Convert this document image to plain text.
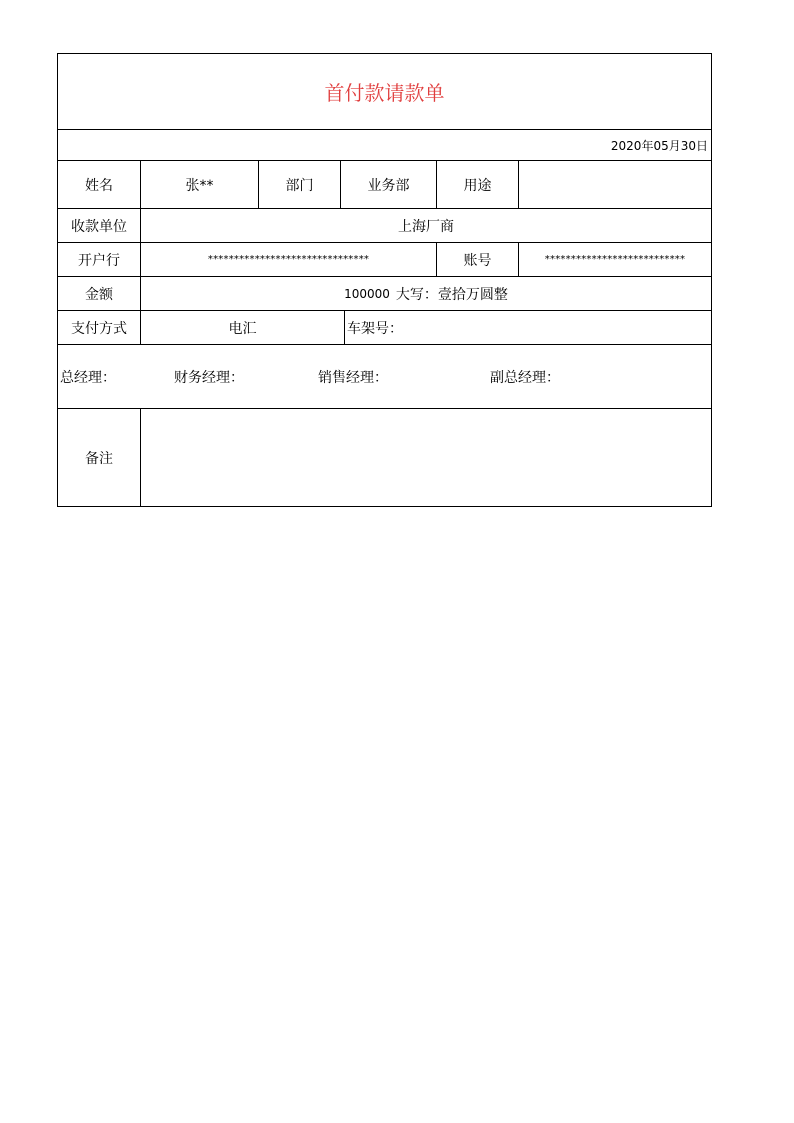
首付款请款单
2020年05月30日
姓名	张**	部门	业务部	用途
收款单位	上海厂商
开户行	*******************************	账号	***************************
金额	100000 大写：壹拾万圆整
支付方式	电汇	车架号：
总经理：	财务经理：	销售经理：	副总经理：
备注
